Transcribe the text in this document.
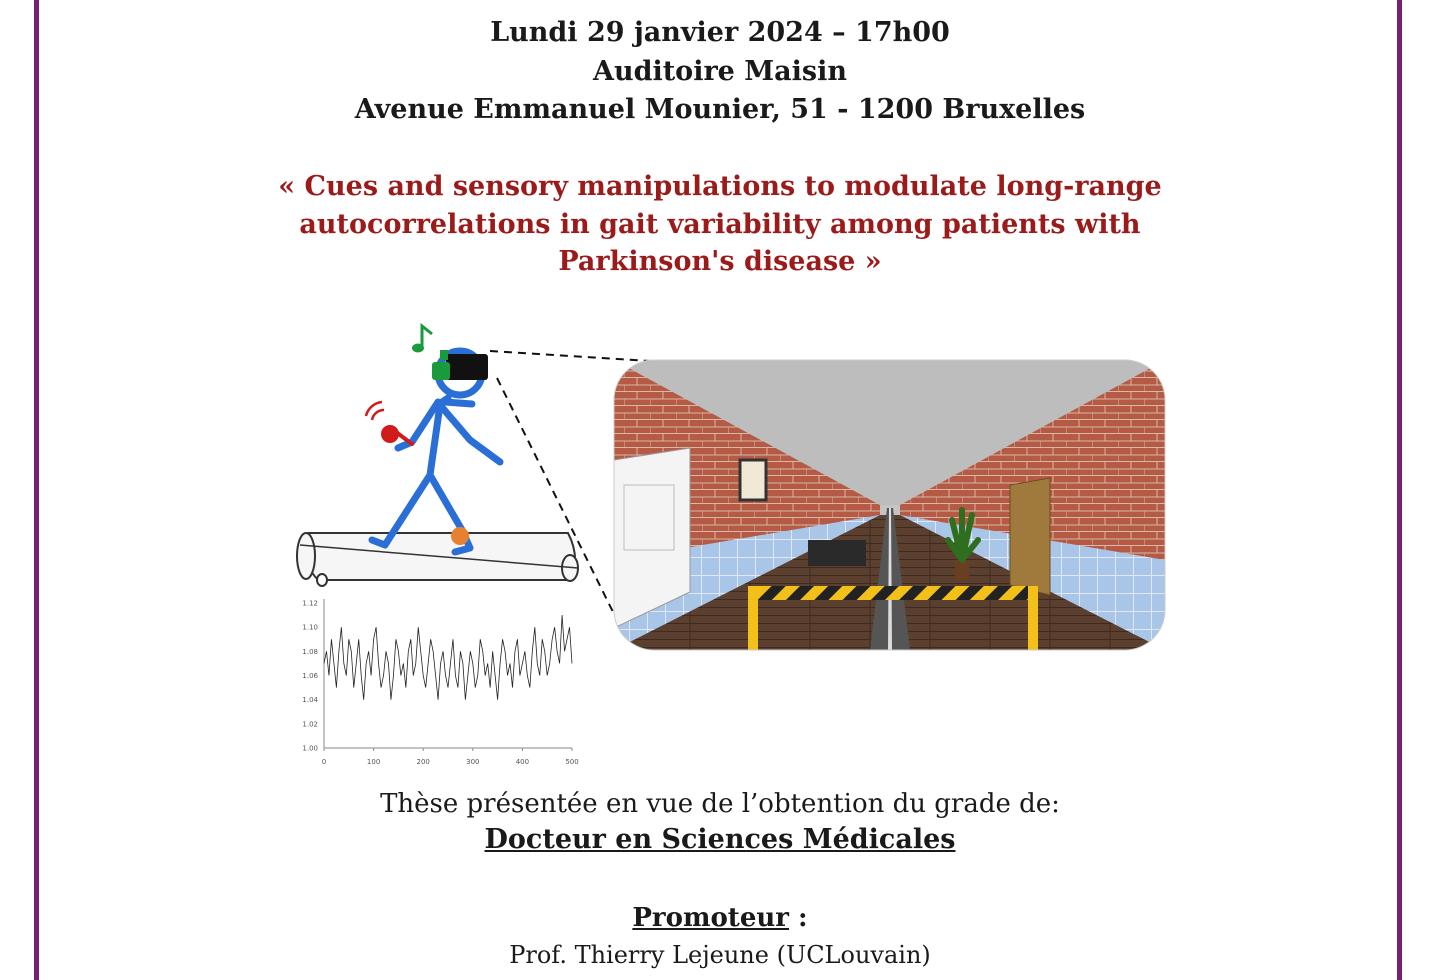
Lundi 29 janvier 2024 – 17h00
Auditoire Maisin
Avenue Emmanuel Mounier, 51 - 1200 Bruxelles
« Cues and sensory manipulations to modulate long-range
autocorrelations in gait variability among patients with
Parkinson's disease »
1.00
1.02
1.04
1.06
1.08
1.10
1.12
0	100	200	300	400	500
Thèse présentée en vue de l’obtention du grade de:
Docteur en Sciences Médicales
Promoteur :
Prof. Thierry Lejeune (UCLouvain)
